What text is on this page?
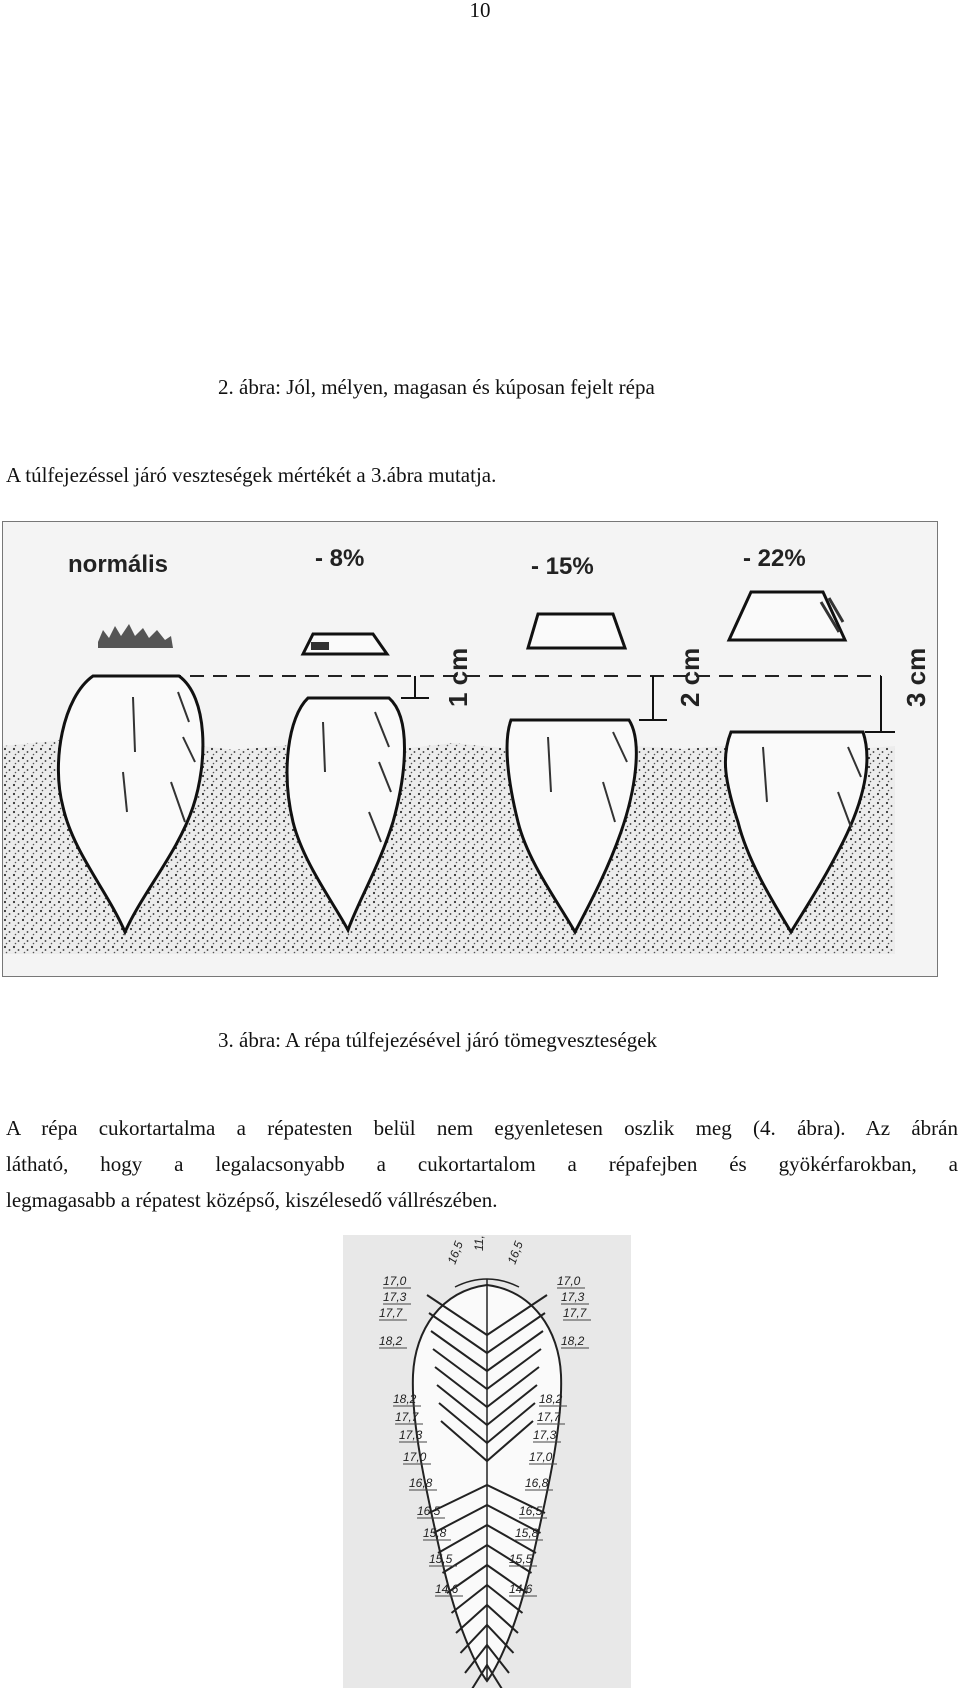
10
2. ábra: Jól, mélyen, magasan és kúposan fejelt répa
A túlfejezéssel járó veszteségek mértékét a 3.ábra mutatja.
normális	- 8%	- 15%	- 22%
1 cm	2 cm	3 cm
3. ábra: A répa túlfejezésével járó tömegveszteségek
A répa cukortartalma a répatesten belül nem egyenletesen oszlik meg (4. ábra). Az ábrán
látható, hogy a legalacsonyabb a cukortartalom a répafejben és gyökérfarokban, a
legmagasabb a répatest középső, kiszélesedő vállrészében.
17,0
17,3
17,7
18,2
18,2
17,7
17,3
17,0
16,8
16,5
15,8
15,5
14,6
17,0
17,3
17,7
18,2
18,2
17,7
17,3
17,0
16,8
16,5
15,8
15,5
14,6
16,5 11,8 16,5
